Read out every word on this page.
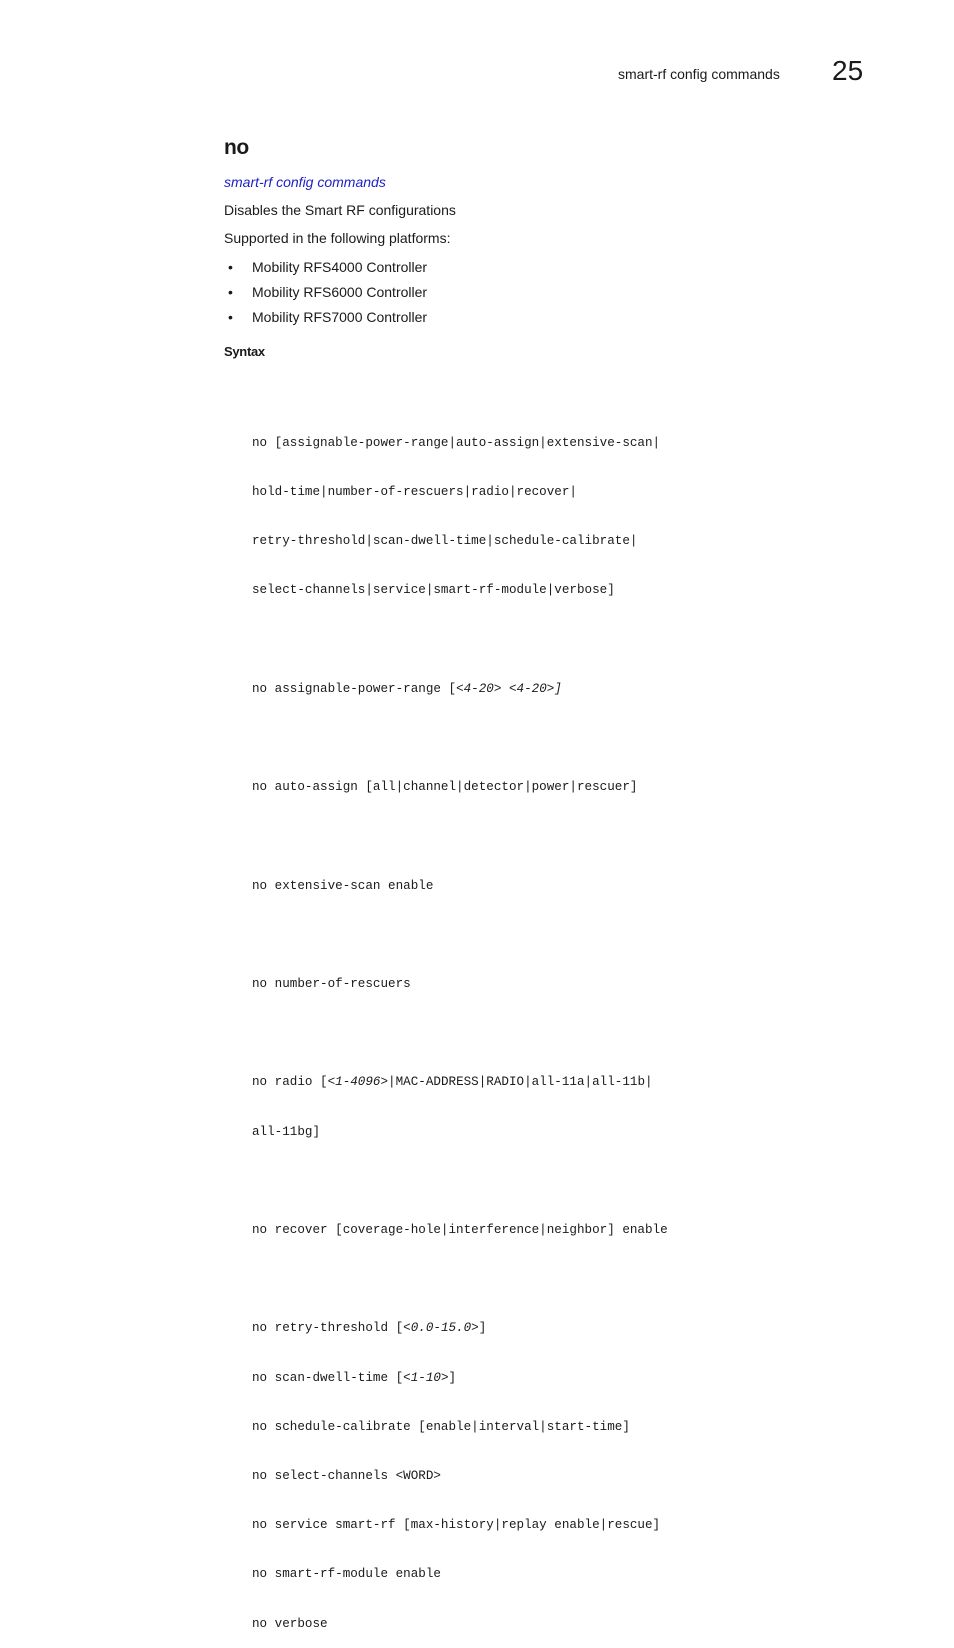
smart-rf config commands 25
no
smart-rf config commands
Disables the Smart RF configurations
Supported in the following platforms:
• Mobility RFS4000 Controller
• Mobility RFS6000 Controller
• Mobility RFS7000 Controller
Syntax

no [assignable-power-range|auto-assign|extensive-scan|

hold-time|number-of-rescuers|radio|recover|

retry-threshold|scan-dwell-time|schedule-calibrate|

select-channels|service|smart-rf-module|verbose]

no assignable-power-range [<4-20> <4-20>]

no auto-assign [all|channel|detector|power|rescuer]

no extensive-scan enable

no number-of-rescuers

no radio [<1-4096>|MAC-ADDRESS|RADIO|all-11a|all-11b|

all-11bg]

no recover [coverage-hole|interference|neighbor] enable

no retry-threshold [<0.0-15.0>]

no scan-dwell-time [<1-10>]

no schedule-calibrate [enable|interval|start-time]

no select-channels <WORD>

no service smart-rf [max-history|replay enable|rescue]

no smart-rf-module enable

no verbose
